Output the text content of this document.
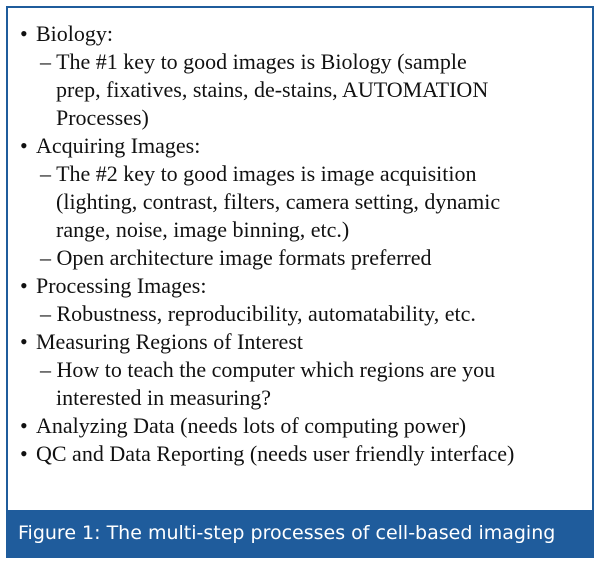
• Biology:
– The #1 key to good images is Biology (sample
prep, fixatives, stains, de-stains, AUTOMATION
Processes)
• Acquiring Images:
– The #2 key to good images is image acquisition
(lighting, contrast, filters, camera setting, dynamic
range, noise, image binning, etc.)
– Open architecture image formats preferred
• Processing Images:
– Robustness, reproducibility, automatability, etc.
• Measuring Regions of Interest
– How to teach the computer which regions are you
interested in measuring?
• Analyzing Data (needs lots of computing power)
• QC and Data Reporting (needs user friendly interface)
Figure 1: The multi-step processes of cell-based imaging
